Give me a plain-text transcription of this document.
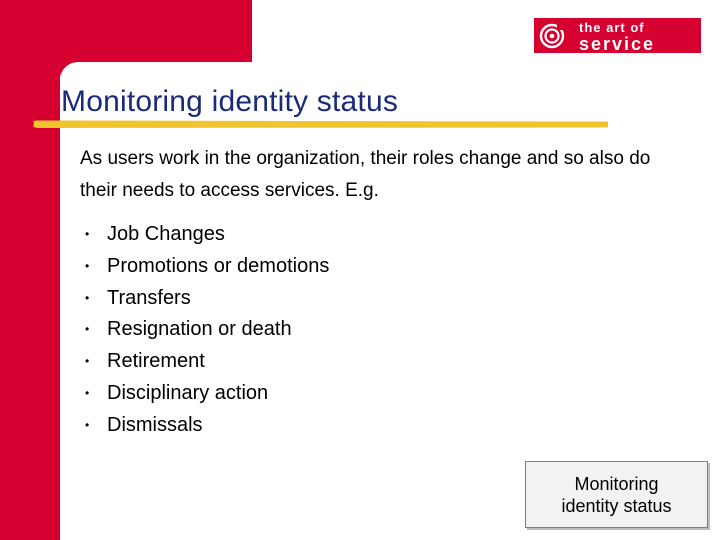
the art of
service
Monitoring identity status

As users work in the organization, their roles change and so also do their needs to access services. E.g.

• Job Changes
• Promotions or demotions
• Transfers
• Resignation or death
• Retirement
• Disciplinary action
• Dismissals
Monitoring identity status
